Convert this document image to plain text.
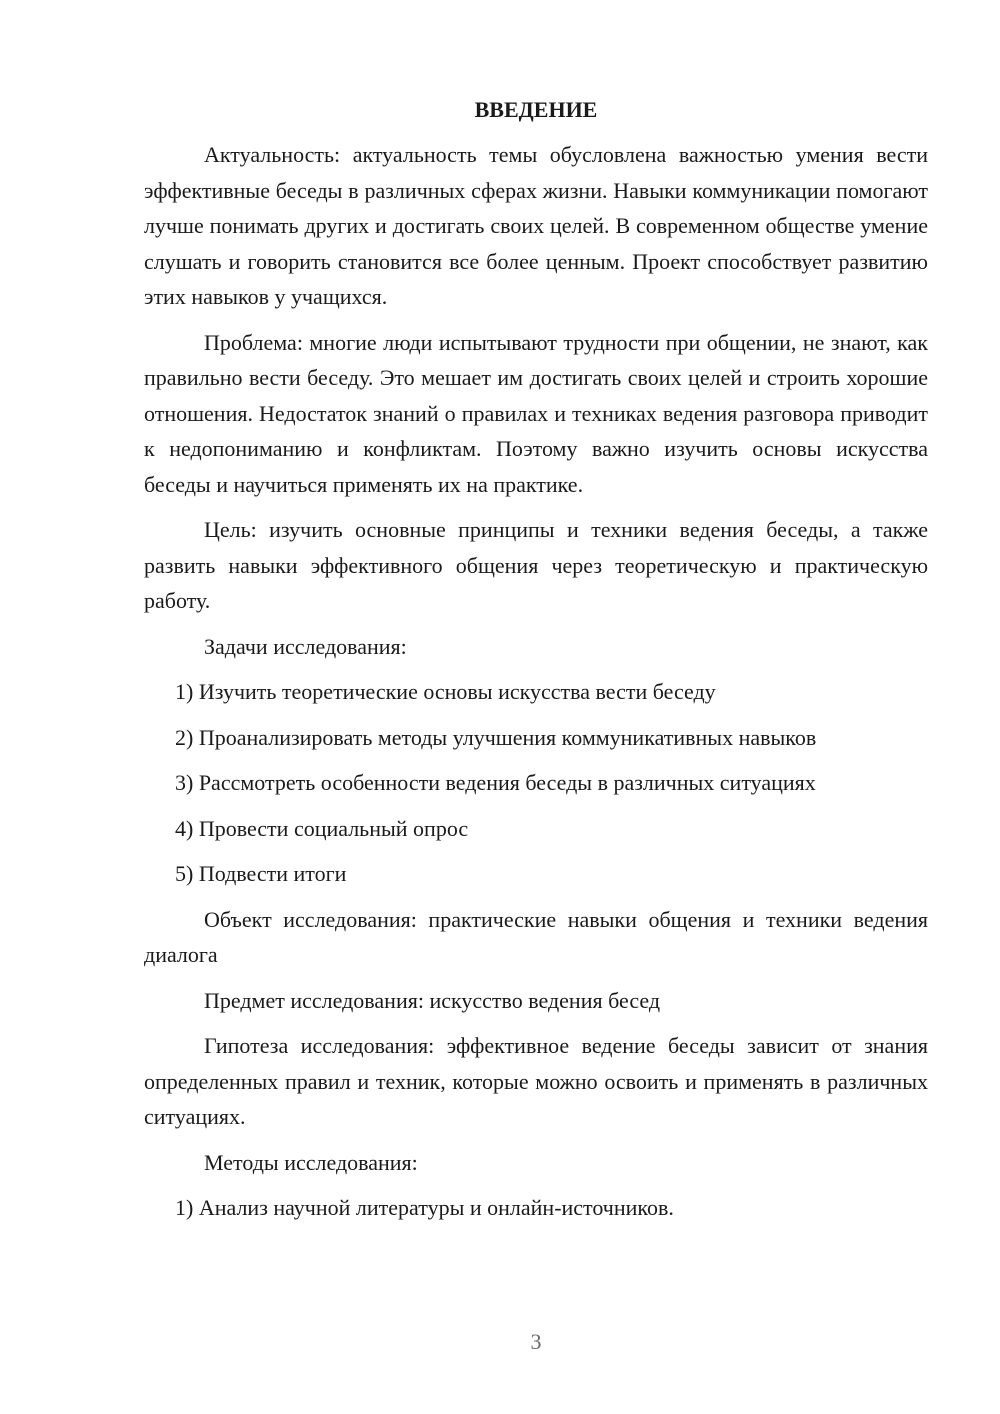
ВВЕДЕНИЕ

Актуальность: актуальность темы обусловлена важностью умения вести эффективные беседы в различных сферах жизни. Навыки коммуникации помогают лучше понимать других и достигать своих целей. В современном обществе умение слушать и говорить становится все более ценным. Проект способствует развитию этих навыков у учащихся.

Проблема: многие люди испытывают трудности при общении, не знают, как правильно вести беседу. Это мешает им достигать своих целей и строить хорошие отношения. Недостаток знаний о правилах и техниках ведения разговора приводит к недопониманию и конфликтам. Поэтому важно изучить основы искусства беседы и научиться применять их на практике.

Цель: изучить основные принципы и техники ведения беседы, а также развить навыки эффективного общения через теоретическую и практическую работу.

Задачи исследования:

1) Изучить теоретические основы искусства вести беседу
2) Проанализировать методы улучшения коммуникативных навыков
3) Рассмотреть особенности ведения беседы в различных ситуациях
4) Провести социальный опрос
5) Подвести итоги

Объект исследования: практические навыки общения и техники ведения диалога

Предмет исследования: искусство ведения бесед

Гипотеза исследования: эффективное ведение беседы зависит от знания определенных правил и техник, которые можно освоить и применять в различных ситуациях.

Методы исследования:

1) Анализ научной литературы и онлайн-источников.
3
